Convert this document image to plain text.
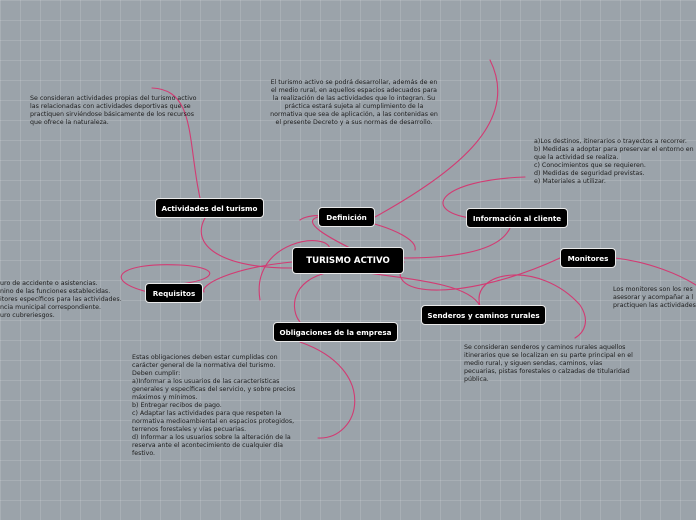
TURISMO ACTIVO
Actividades del turismo
Definición	Información al cliente
Monitores
Requisitos
Obligaciones de la empresa
Senderos y caminos rurales
Se consideran actividades propias del turismo activo
las relacionadas con actividades deportivas que se
practiquen sirviéndose básicamente de los recursos
que ofrece la naturaleza.
El turismo activo se podrá desarrollar, además de en
el medio rural, en aquellos espacios adecuados para
la realización de las actividades que lo integran. Su
práctica estará sujeta al cumplimiento de la
normativa que sea de aplicación, a las contenidas en
el presente Decreto y a sus normas de desarrollo.
a)Los destinos, itinerarios o trayectos a recorrer.
b) Medidas a adoptar para preservar el entorno en
que la actividad se realiza.
c) Conocimientos que se requieren.
d) Medidas de seguridad previstas.
e) Materiales a utilizar.
Los monitores son los res
asesorar y acompañar a l
practiquen las actividades
uro de accidente o asistencias.
nino de las funciones establecidas.
itores específicos para las actividades.
ncia municipal correspondiente.
uro cubreriesgos.
Estas obligaciones deben estar cumplidas con
carácter general de la normativa del turismo.
Deben cumplir:
a)Informar a los usuarios de las características
generales y específicas del servicio, y sobre precios
máximos y mínimos.
b) Entregar recibos de pago.
c) Adaptar las actividades para que respeten la
normativa medioambiental en espacios protegidos,
terrenos forestales y vías pecuarias.
d) Informar a los usuarios sobre la alteración de la
reserva ante el acontecimiento de cualquier día
festivo.
Se consideran senderos y caminos rurales aquellos
itinerarios que se localizan en su parte principal en el
medio rural, y siguen sendas, caminos, vías
pecuarias, pistas forestales o calzadas de titularidad
pública.
